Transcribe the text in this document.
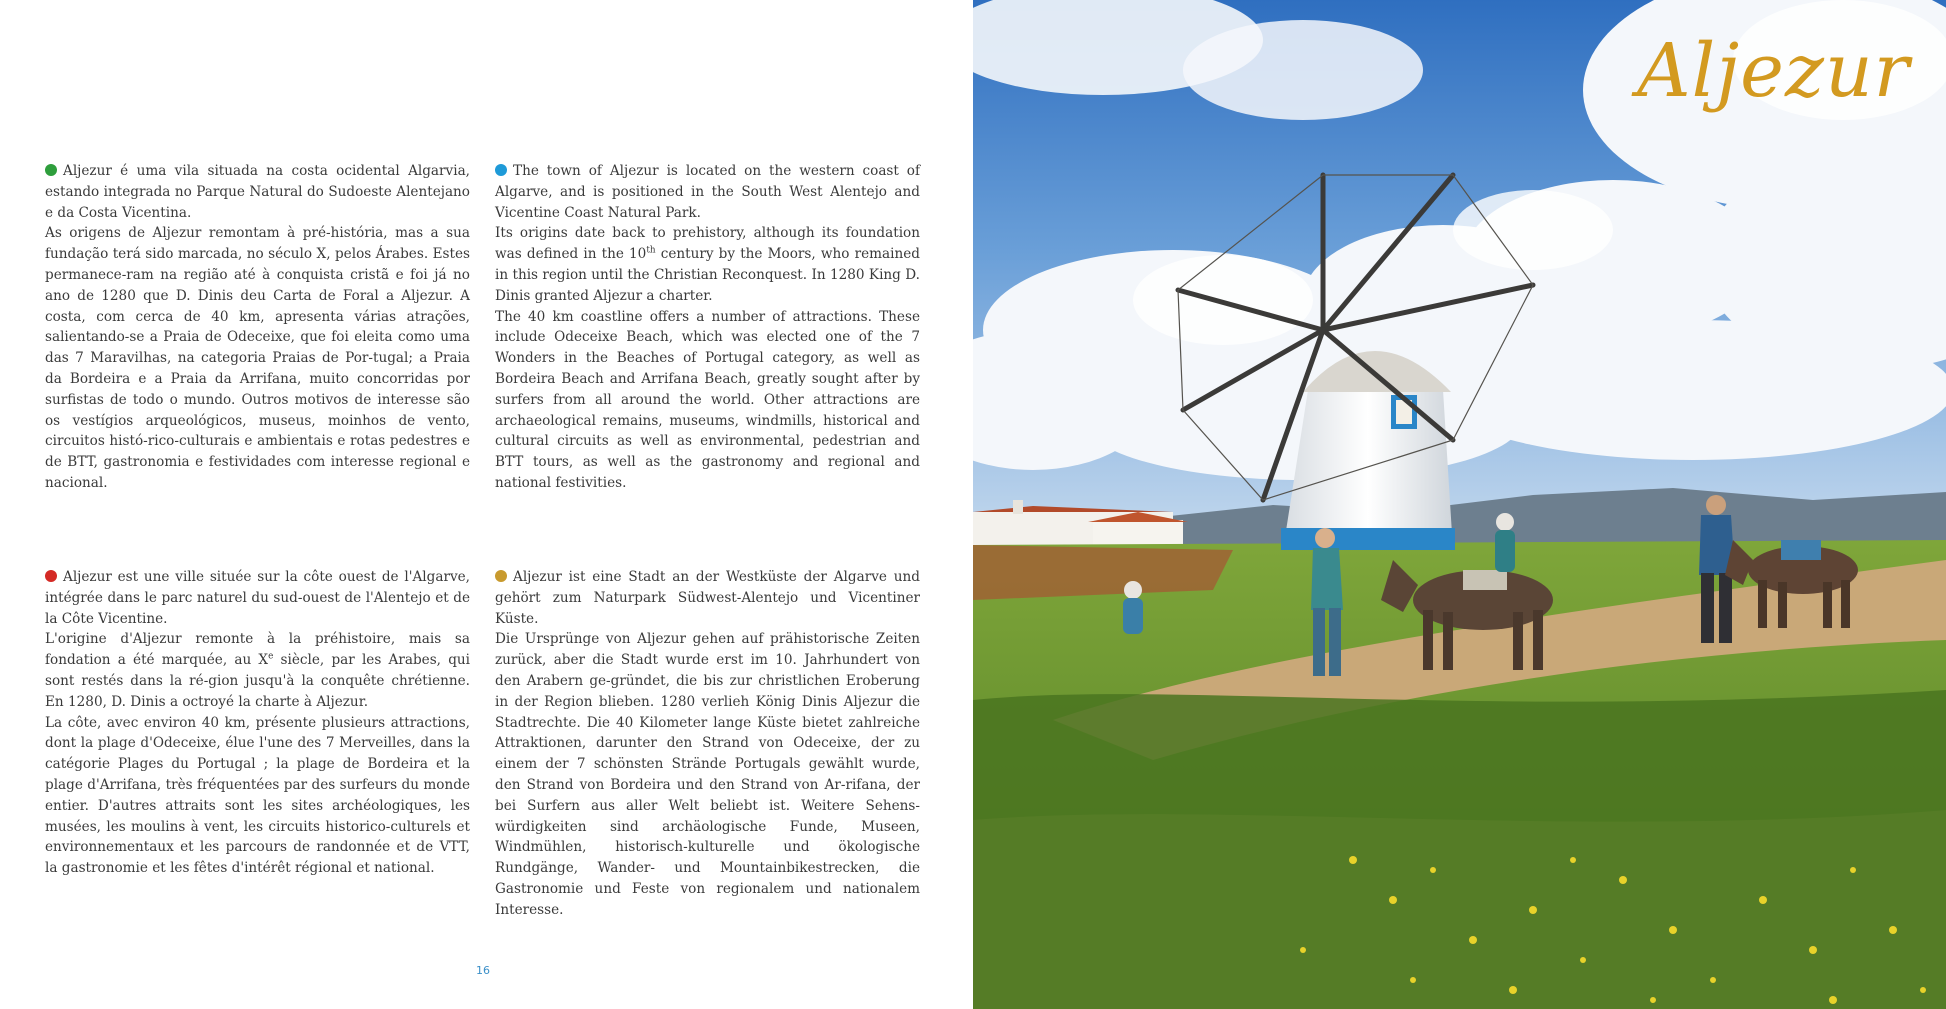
Aljezur é uma vila situada na costa ocidental Algarvia, estando integrada no Parque Natural do Sudoeste Alentejano e da Costa Vicentina.

As origens de Aljezur remontam à pré-história, mas a sua fundação terá sido marcada, no século X, pelos Árabes. Estes permanece-ram na região até à conquista cristã e foi já no ano de 1280 que D. Dinis deu Carta de Foral a Aljezur. A costa, com cerca de 40 km, apresenta várias atrações, salientando-se a Praia de Odeceixe, que foi eleita como uma das 7 Maravilhas, na categoria Praias de Por-tugal; a Praia da Bordeira e a Praia da Arrifana, muito concorridas por surfistas de todo o mundo. Outros motivos de interesse são os vestígios arqueológicos, museus, moinhos de vento, circuitos histó-rico-culturais e ambientais e rotas pedestres e de BTT, gastronomia e festividades com interesse regional e nacional.

The town of Aljezur is located on the western coast of Algarve, and is positioned in the South West Alentejo and Vicentine Coast Natural Park.

Its origins date back to prehistory, although its foundation was defined in the 10th century by the Moors, who remained in this region until the Christian Reconquest. In 1280 King D. Dinis granted Aljezur a charter.

The 40 km coastline offers a number of attractions. These include Odeceixe Beach, which was elected one of the 7 Wonders in the Beaches of Portugal category, as well as Bordeira Beach and Arrifana Beach, greatly sought after by surfers from all around the world. Other attractions are archaeological remains, museums, windmills, historical and cultural circuits as well as environmental, pedestrian and BTT tours, as well as the gastronomy and regional and national festivities.

Aljezur est une ville située sur la côte ouest de l'Algarve, intégrée dans le parc naturel du sud-ouest de l'Alentejo et de la Côte Vicentine.

L'origine d'Aljezur remonte à la préhistoire, mais sa fondation a été marquée, au Xe siècle, par les Arabes, qui sont restés dans la ré-gion jusqu'à la conquête chrétienne. En 1280, D. Dinis a octroyé la charte à Aljezur.

La côte, avec environ 40 km, présente plusieurs attractions, dont la plage d'Odeceixe, élue l'une des 7 Merveilles, dans la catégorie Plages du Portugal ; la plage de Bordeira et la plage d'Arrifana, très fréquentées par des surfeurs du monde entier. D'autres attraits sont les sites archéologiques, les musées, les moulins à vent, les circuits historico-culturels et environnementaux et les parcours de randonnée et de VTT, la gastronomie et les fêtes d'intérêt régional et national.

Aljezur ist eine Stadt an der Westküste der Algarve und gehört zum Naturpark Südwest-Alentejo und Vicentiner Küste.

Die Ursprünge von Aljezur gehen auf prähistorische Zeiten zurück, aber die Stadt wurde erst im 10. Jahrhundert von den Arabern ge-gründet, die bis zur christlichen Eroberung in der Region blieben. 1280 verlieh König Dinis Aljezur die Stadtrechte. Die 40 Kilometer lange Küste bietet zahlreiche Attraktionen, darunter den Strand von Odeceixe, der zu einem der 7 schönsten Strände Portugals gewählt wurde, den Strand von Bordeira und den Strand von Ar-rifana, der bei Surfern aus aller Welt beliebt ist. Weitere Sehens-würdigkeiten sind archäologische Funde, Museen, Windmühlen, historisch-kulturelle und ökologische Rundgänge, Wander- und Mountainbikestrecken, die Gastronomie und Feste von regionalem und nationalem Interesse.

16
Aljezur
